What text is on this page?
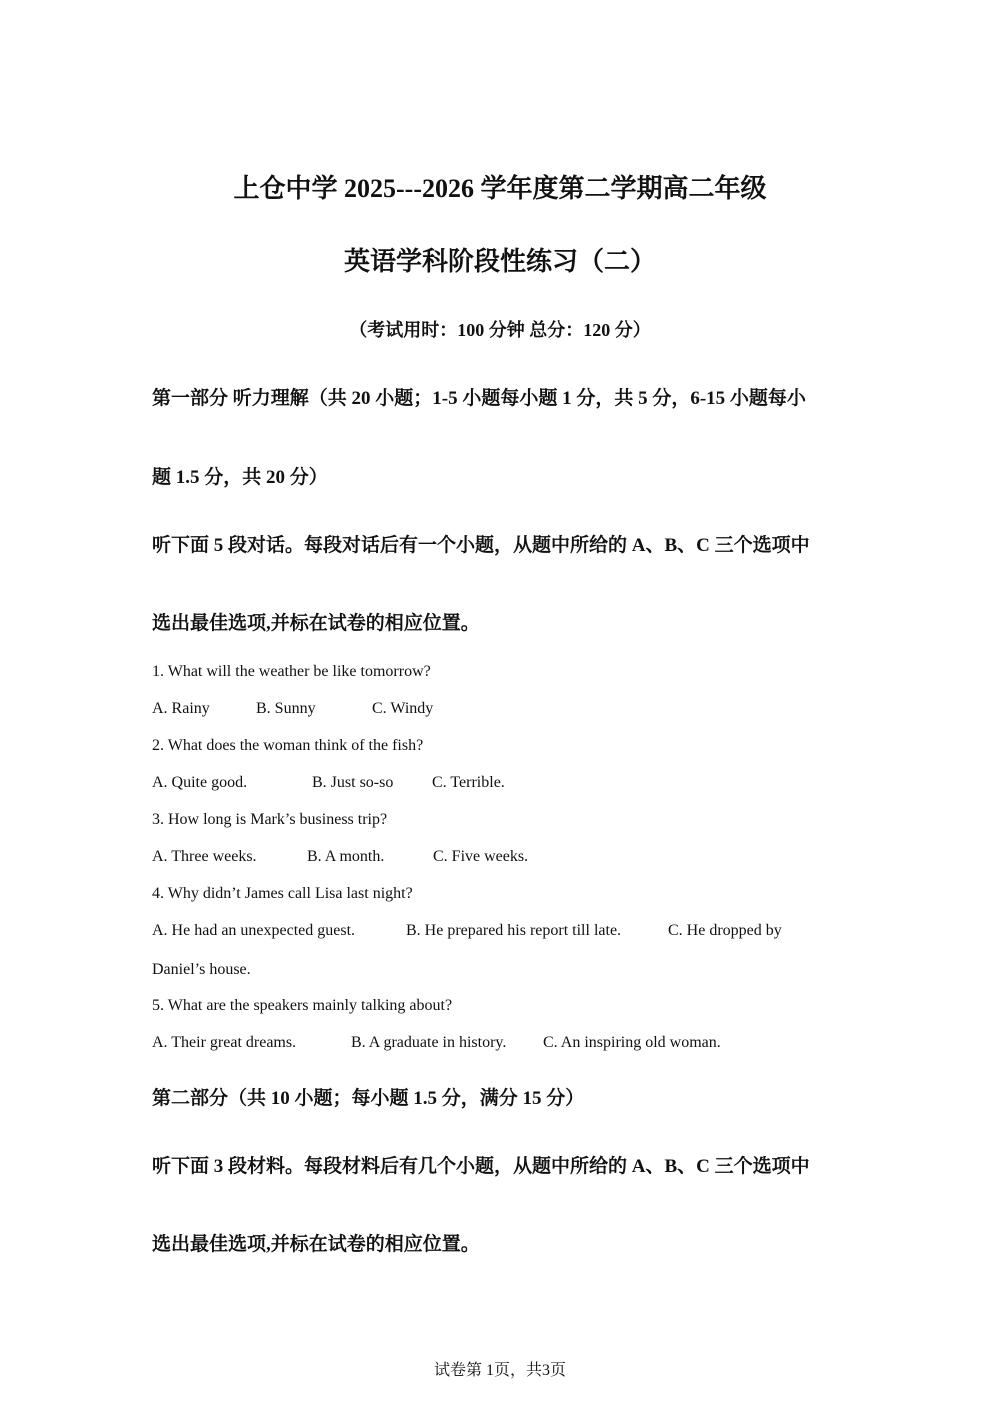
上仓中学 2025---2026 学年度第二学期高二年级
英语学科阶段性练习（二）
（考试用时：100 分钟 总分：120 分）
第一部分 听力理解（共 20 小题；1-5 小题每小题 1 分，共 5 分，6-15 小题每小
题 1.5 分，共 20 分）
听下面 5 段对话。每段对话后有一个小题，从题中所给的 A、B、C 三个选项中
选出最佳选项,并标在试卷的相应位置。
1. What will the weather be like tomorrow?
A. Rainy	B. Sunny	C. Windy
2. What does the woman think of the fish?
A. Quite good.	B. Just so-so C. Terrible.
3. How long is Mark’s business trip?
A. Three weeks.	B. A month.	C. Five weeks.
4. Why didn’t James call Lisa last night?
A. He had an unexpected guest.	B. He prepared his report till late.	C. He dropped by
Daniel’s house.
5. What are the speakers mainly talking about?
A. Their great dreams.	B. A graduate in history. C. An inspiring old woman.
第二部分（共 10 小题；每小题 1.5 分，满分 15 分）
听下面 3 段材料。每段材料后有几个小题，从题中所给的 A、B、C 三个选项中
选出最佳选项,并标在试卷的相应位置。
试卷第 1页，共3页
